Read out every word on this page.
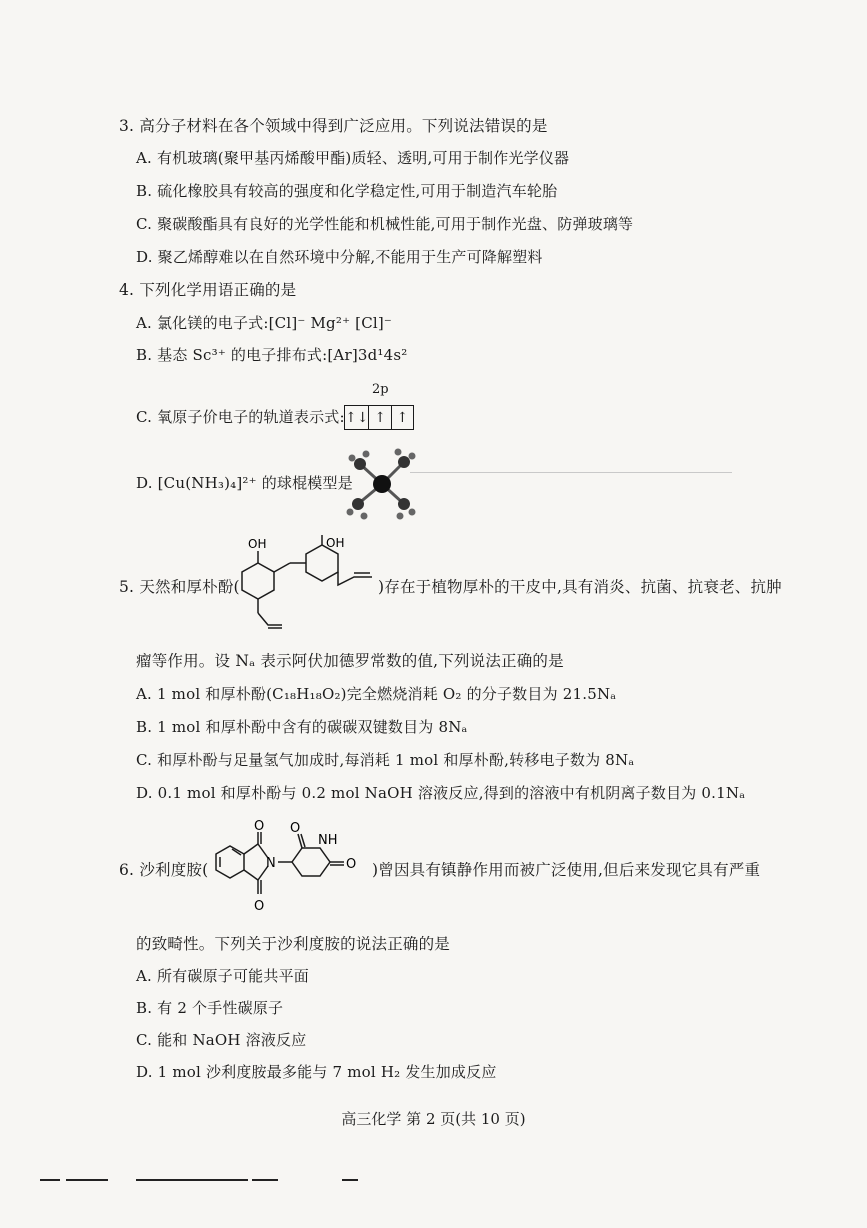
3. 高分子材料在各个领域中得到广泛应用。下列说法错误的是
A. 有机玻璃(聚甲基丙烯酸甲酯)质轻、透明,可用于制作光学仪器
B. 硫化橡胶具有较高的强度和化学稳定性,可用于制造汽车轮胎
C. 聚碳酸酯具有良好的光学性能和机械性能,可用于制作光盘、防弹玻璃等
D. 聚乙烯醇难以在自然环境中分解,不能用于生产可降解塑料
4. 下列化学用语正确的是
A. 氯化镁的电子式:[Cl]⁻ Mg²⁺ [Cl]⁻
B. 基态 Sc³⁺ 的电子排布式:[Ar]3d¹4s²
2p
C. 氧原子价电子的轨道表示式: ↑↓ ↑ ↑
D. [Cu(NH₃)₄]²⁺ 的球棍模型是
5. 天然和厚朴酚(
OH	OH
)存在于植物厚朴的干皮中,具有消炎、抗菌、抗衰老、抗肿
瘤等作用。设 Nₐ 表示阿伏加德罗常数的值,下列说法正确的是
A. 1 mol 和厚朴酚(C₁₈H₁₈O₂)完全燃烧消耗 O₂ 的分子数目为 21.5Nₐ
B. 1 mol 和厚朴酚中含有的碳碳双键数目为 8Nₐ
C. 和厚朴酚与足量氢气加成时,每消耗 1 mol 和厚朴酚,转移电子数为 8Nₐ
D. 0.1 mol 和厚朴酚与 0.2 mol NaOH 溶液反应,得到的溶液中有机阴离子数目为 0.1Nₐ
6. 沙利度胺(
O
O
N
O
NH
O )曾因具有镇静作用而被广泛使用,但后来发现它具有严重
的致畸性。下列关于沙利度胺的说法正确的是
A. 所有碳原子可能共平面
B. 有 2 个手性碳原子
C. 能和 NaOH 溶液反应
D. 1 mol 沙利度胺最多能与 7 mol H₂ 发生加成反应
高三化学 第 2 页(共 10 页)
